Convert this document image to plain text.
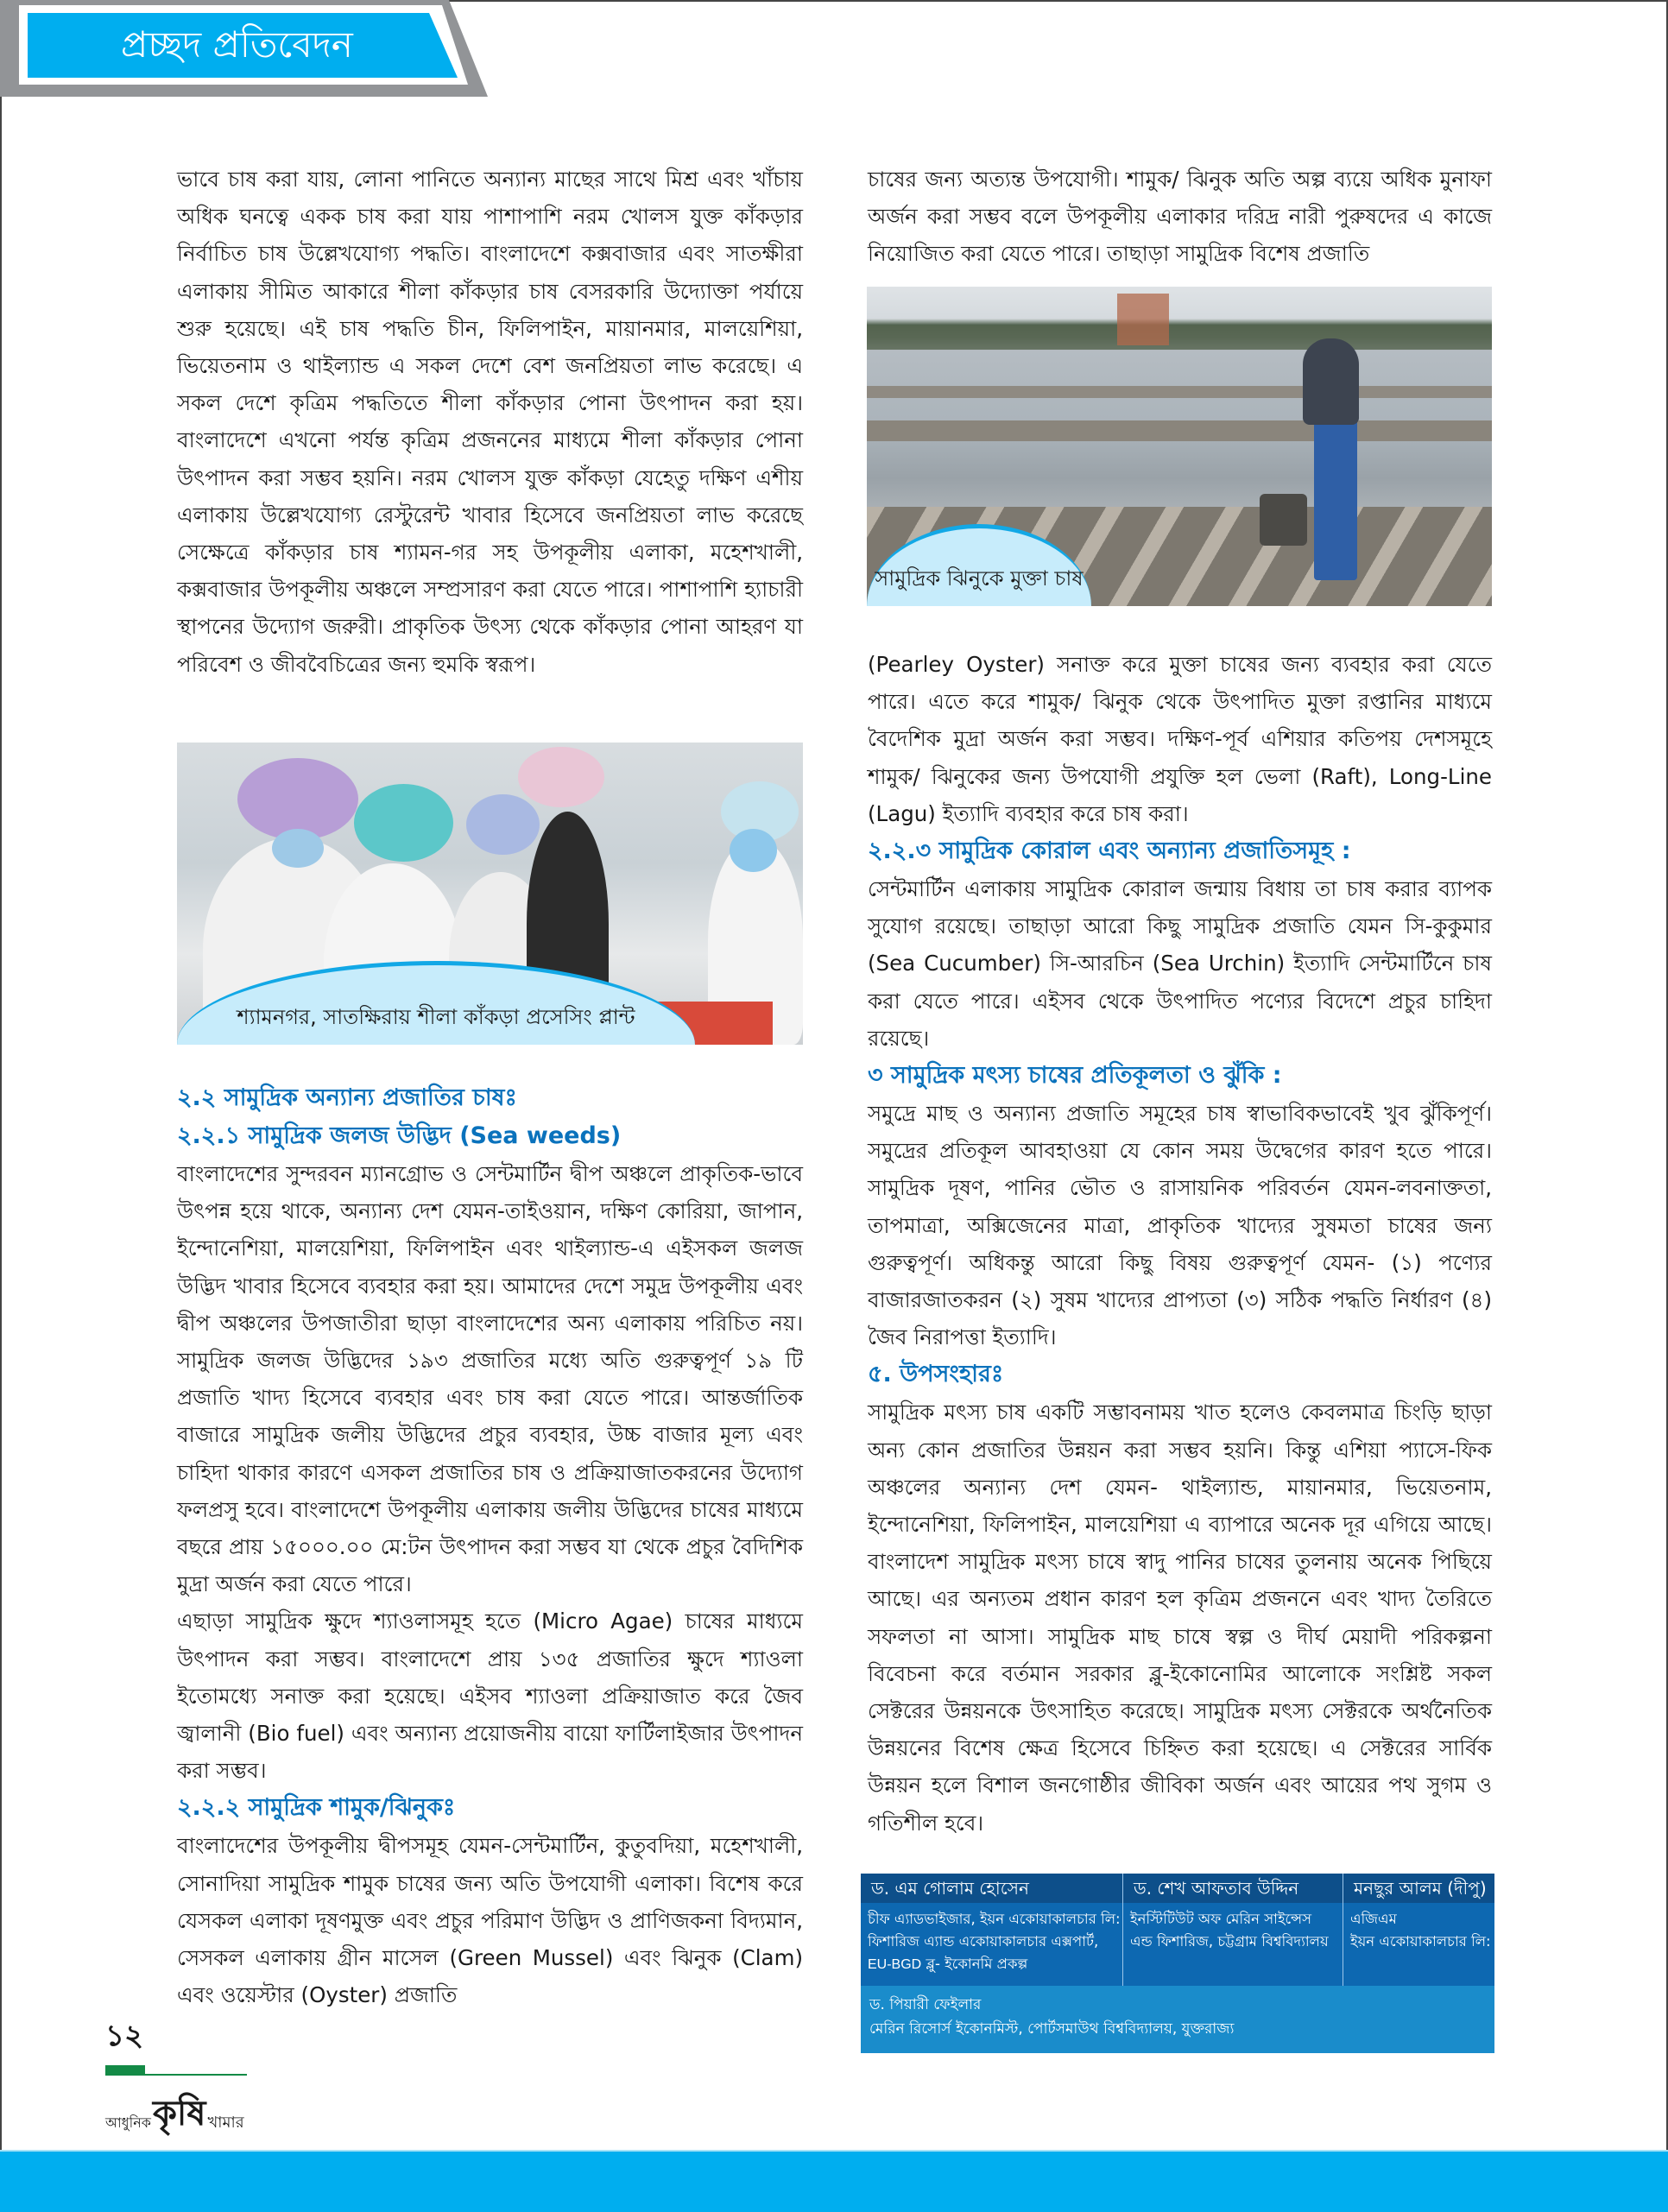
প্রচ্ছদ প্রতিবেদন

ভাবে চাষ করা যায়, লোনা পানিতে অন্যান্য মাছের সাথে মিশ্র এবং খাঁচায় অধিক ঘনত্বে একক চাষ করা যায় পাশাপাশি নরম খোলস যুক্ত কাঁকড়ার নির্বাচিত চাষ উল্লেখযোগ্য পদ্ধতি। বাংলাদেশে কক্সবাজার এবং সাতক্ষীরা এলাকায় সীমিত আকারে শীলা কাঁকড়ার চাষ বেসরকারি উদ্যোক্তা পর্যায়ে শুরু হয়েছে। এই চাষ পদ্ধতি চীন, ফিলিপাইন, মায়ানমার, মালয়েশিয়া, ভিয়েতনাম ও থাইল্যান্ড এ সকল দেশে বেশ জনপ্রিয়তা লাভ করেছে। এ সকল দেশে কৃত্রিম পদ্ধতিতে শীলা কাঁকড়ার পোনা উৎপাদন করা হয়। বাংলাদেশে এখনো পর্যন্ত কৃত্রিম প্রজননের মাধ্যমে শীলা কাঁকড়ার পোনা উৎপাদন করা সম্ভব হয়নি। নরম খোলস যুক্ত কাঁকড়া যেহেতু দক্ষিণ এশীয় এলাকায় উল্লেখযোগ্য রেস্টুরেন্ট খাবার হিসেবে জনপ্রিয়তা লাভ করেছে সেক্ষেত্রে কাঁকড়ার চাষ শ্যামন-গর সহ উপকূলীয় এলাকা, মহেশখালী, কক্সবাজার উপকূলীয় অঞ্চলে সম্প্রসারণ করা যেতে পারে। পাশাপাশি হ্যাচারী স্থাপনের উদ্যোগ জরুরী। প্রাকৃতিক উৎস্য থেকে কাঁকড়ার পোনা আহরণ যা পরিবেশ ও জীববৈচিত্রের জন্য হুমকি স্বরূপ।

শ্যামনগর, সাতক্ষিরায় শীলা কাঁকড়া প্রসেসিং প্লান্ট
২.২ সামুদ্রিক অন্যান্য প্রজাতির চাষঃ
২.২.১ সামুদ্রিক জলজ উদ্ভিদ (Sea weeds)

বাংলাদেশের সুন্দরবন ম্যানগ্রোভ ও সেন্টমার্টিন দ্বীপ অঞ্চলে প্রাকৃতিক-ভাবে উৎপন্ন হয়ে থাকে, অন্যান্য দেশ যেমন-তাইওয়ান, দক্ষিণ কোরিয়া, জাপান, ইন্দোনেশিয়া, মালয়েশিয়া, ফিলিপাইন এবং থাইল্যান্ড-এ এইসকল জলজ উদ্ভিদ খাবার হিসেবে ব্যবহার করা হয়। আমাদের দেশে সমুদ্র উপকূলীয় এবং দ্বীপ অঞ্চলের উপজাতীরা ছাড়া বাংলাদেশের অন্য এলাকায় পরিচিত নয়। সামুদ্রিক জলজ উদ্ভিদের ১৯৩ প্রজাতির মধ্যে অতি গুরুত্বপূর্ণ ১৯ টি প্রজাতি খাদ্য হিসেবে ব্যবহার এবং চাষ করা যেতে পারে। আন্তর্জাতিক বাজারে সামুদ্রিক জলীয় উদ্ভিদের প্রচুর ব্যবহার, উচ্চ বাজার মূল্য এবং চাহিদা থাকার কারণে এসকল প্রজাতির চাষ ও প্রক্রিয়াজাতকরনের উদ্যোগ ফলপ্রসু হবে। বাংলাদেশে উপকূলীয় এলাকায় জলীয় উদ্ভিদের চাষের মাধ্যমে বছরে প্রায় ১৫০০০.০০ মে:টন উৎপাদন করা সম্ভব যা থেকে প্রচুর বৈদিশিক মুদ্রা অর্জন করা যেতে পারে।

এছাড়া সামুদ্রিক ক্ষুদে শ্যাওলাসমূহ হতে (Micro Agae) চাষের মাধ্যমে উৎপাদন করা সম্ভব। বাংলাদেশে প্রায় ১৩৫ প্রজাতির ক্ষুদে শ্যাওলা ইতোমধ্যে সনাক্ত করা হয়েছে। এইসব শ্যাওলা প্রক্রিয়াজাত করে জৈব জ্বালানী (Bio fuel) এবং অন্যান্য প্রয়োজনীয় বায়ো ফার্টিলাইজার উৎপাদন করা সম্ভব।

২.২.২ সামুদ্রিক শামুক/ঝিনুকঃ

বাংলাদেশের উপকূলীয় দ্বীপসমূহ যেমন-সেন্টমার্টিন, কুতুবদিয়া, মহেশখালী, সোনাদিয়া সামুদ্রিক শামুক চাষের জন্য অতি উপযোগী এলাকা। বিশেষ করে যেসকল এলাকা দূষণমুক্ত এবং প্রচুর পরিমাণ উদ্ভিদ ও প্রাণিজকনা বিদ্যমান, সেসকল এলাকায় গ্রীন মাসেল (Green Mussel) এবং ঝিনুক (Clam) এবং ওয়েস্টার (Oyster) প্রজাতি

চাষের জন্য অত্যন্ত উপযোগী। শামুক/ ঝিনুক অতি অল্প ব্যয়ে অধিক মুনাফা অর্জন করা সম্ভব বলে উপকূলীয় এলাকার দরিদ্র নারী পুরুষদের এ কাজে নিয়োজিত করা যেতে পারে। তাছাড়া সামুদ্রিক বিশেষ প্রজাতি

সামুদ্রিক ঝিনুকে মুক্তা চাষ

(Pearley Oyster) সনাক্ত করে মুক্তা চাষের জন্য ব্যবহার করা যেতে পারে। এতে করে শামুক/ ঝিনুক থেকে উৎপাদিত মুক্তা রপ্তানির মাধ্যমে বৈদেশিক মুদ্রা অর্জন করা সম্ভব। দক্ষিণ-পূর্ব এশিয়ার কতিপয় দেশসমূহে শামুক/ ঝিনুকের জন্য উপযোগী প্রযুক্তি হল ভেলা (Raft), Long-Line (Lagu) ইত্যাদি ব্যবহার করে চাষ করা।

২.২.৩ সামুদ্রিক কোরাল এবং অন্যান্য প্রজাতিসমূহ :

সেন্টমার্টিন এলাকায় সামুদ্রিক কোরাল জন্মায় বিধায় তা চাষ করার ব্যাপক সুযোগ রয়েছে। তাছাড়া আরো কিছু সামুদ্রিক প্রজাতি যেমন সি-কুকুমার (Sea Cucumber) সি-আরচিন (Sea Urchin) ইত্যাদি সেন্টমার্টিনে চাষ করা যেতে পারে। এইসব থেকে উৎপাদিত পণ্যের বিদেশে প্রচুর চাহিদা রয়েছে।

৩ সামুদ্রিক মৎস্য চাষের প্রতিকূলতা ও ঝুঁকি :

সমুদ্রে মাছ ও অন্যান্য প্রজাতি সমূহের চাষ স্বাভাবিকভাবেই খুব ঝুঁকিপূর্ণ। সমুদ্রের প্রতিকূল আবহাওয়া যে কোন সময় উদ্বেগের কারণ হতে পারে। সামুদ্রিক দূষণ, পানির ভৌত ও রাসায়নিক পরিবর্তন যেমন-লবনাক্ততা, তাপমাত্রা, অক্সিজেনের মাত্রা, প্রাকৃতিক খাদ্যের সুষমতা চাষের জন্য গুরুত্বপূর্ণ। অধিকন্তু আরো কিছু বিষয় গুরুত্বপূর্ণ যেমন- (১) পণ্যের বাজারজাতকরন (২) সুষম খাদ্যের প্রাপ্যতা (৩) সঠিক পদ্ধতি নির্ধারণ (৪) জৈব নিরাপত্তা ইত্যাদি।

৫. উপসংহারঃ

সামুদ্রিক মৎস্য চাষ একটি সম্ভাবনাময় খাত হলেও কেবলমাত্র চিংড়ি ছাড়া অন্য কোন প্রজাতির উন্নয়ন করা সম্ভব হয়নি। কিন্তু এশিয়া প্যাসে-ফিক অঞ্চলের অন্যান্য দেশ যেমন- থাইল্যান্ড, মায়ানমার, ভিয়েতনাম, ইন্দোনেশিয়া, ফিলিপাইন, মালয়েশিয়া এ ব্যাপারে অনেক দূর এগিয়ে আছে। বাংলাদেশ সামুদ্রিক মৎস্য চাষে স্বাদু পানির চাষের তুলনায় অনেক পিছিয়ে আছে। এর অন্যতম প্রধান কারণ হল কৃত্রিম প্রজননে এবং খাদ্য তৈরিতে সফলতা না আসা। সামুদ্রিক মাছ চাষে স্বল্প ও দীর্ঘ মেয়াদী পরিকল্পনা বিবেচনা করে বর্তমান সরকার ব্লু-ইকোনোমির আলোকে সংশ্লিষ্ট সকল সেক্টরের উন্নয়নকে উৎসাহিত করেছে। সামুদ্রিক মৎস্য সেক্টরকে অর্থনৈতিক উন্নয়নের বিশেষ ক্ষেত্র হিসেবে চিহ্নিত করা হয়েছে। এ সেক্টরের সার্বিক উন্নয়ন হলে বিশাল জনগোষ্ঠীর জীবিকা অর্জন এবং আয়ের পথ সুগম ও গতিশীল হবে।

ড. এম গোলাম হোসেন	ড. শেখ আফতাব উদ্দিন	মনছুর আলম (দীপু)
চীফ এ্যাডভাইজার, ইয়ন একোয়াকালচার লি:
ফিশারিজ এ্যান্ড একোয়াকালচার এক্সপার্ট,
EU-BGD ব্লু- ইকোনমি প্রকল্প
ইনস্টিটিউট অফ মেরিন সাইন্সেস
এন্ড ফিশারিজ, চট্টগ্রাম বিশ্ববিদ্যালয়
এজিএম
ইয়ন একোয়াকালচার লি:
ড. পিয়ারী ফেইলার
মেরিন রিসোর্স ইকোনমিস্ট, পোর্টসমাউথ বিশ্ববিদ্যালয়, যুক্তরাজ্য
১২
আধুনিক কৃষি খামার
